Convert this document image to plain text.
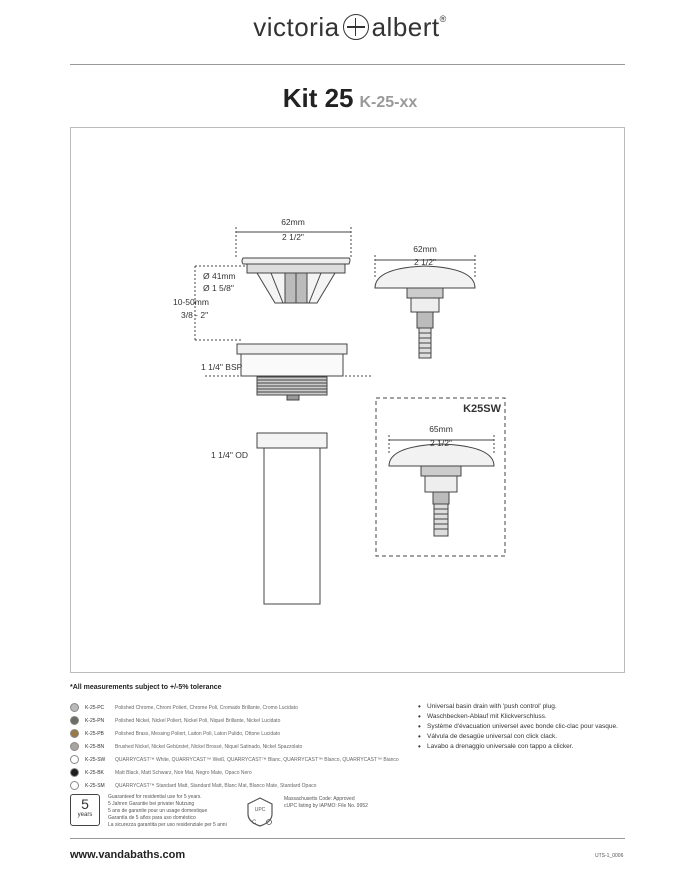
victoria albert®
Kit 25 K-25-xx
62mm
2 1/2"
Ø 41mm
Ø 1 5/8"
10-50mm
3/8 - 2"
1 1/4" BSP
1 1/4" OD
62mm
2 1/2"
K25SW
65mm
2 1/2"
*All measurements subject to +/-5% tolerance
K-25-PC	Polished Chrome, Chrom Poliert, Chrome Poli, Cromado Brillante, Cromo Lucidato
K-25-PN	Polished Nickel, Nickel Poliert, Nickel Poli, Niquel Brillante, Nickel Lucidato
K-25-PB	Polished Brass, Messing Poliert, Laiton Poli, Laton Pulido, Ottone Lucidato
K-25-BN	Brushed Nickel, Nickel Gebürstet, Nickel Brossé, Niquel Satinado, Nickel Spazzolato
K-25-SW	QUARRYCAST™ White, QUARRYCAST™ Weiß, QUARRYCAST™ Blanc, QUARRYCAST™ Blanco, QUARRYCAST™ Bianco
K-25-BK	Matt Black, Matt Schwarz, Noir Mat, Negro Mate, Opaco Nero
K-25-SM	QUARRYCAST™ Standard Matt, Standard Matt, Blanc Mat, Blanco Mate, Standard Opaco
• Universal basin drain with 'push control' plug.
• Waschbecken-Ablauf mit Klickverschluss.
• Système d'évacuation universel avec bonde clic-clac pour vasque.
• Válvula de desagüe universal con click clack.
• Lavabo a drenaggio universale con tappo a clicker.
5
years
Guaranteed for residential use for 5 years.
5 Jahren Garantie bei privater Nutzung
5 ans de garantie pour un usage domestique
Garantía de 5 años para uso doméstico
La sicurezza garantita per uso residenziale per 5 anni
UPC
C
Massachusetts Code: Approved
cUPC listing by IAPMO: File No. 9952
www.vandabaths.com	UTS-1_0006
